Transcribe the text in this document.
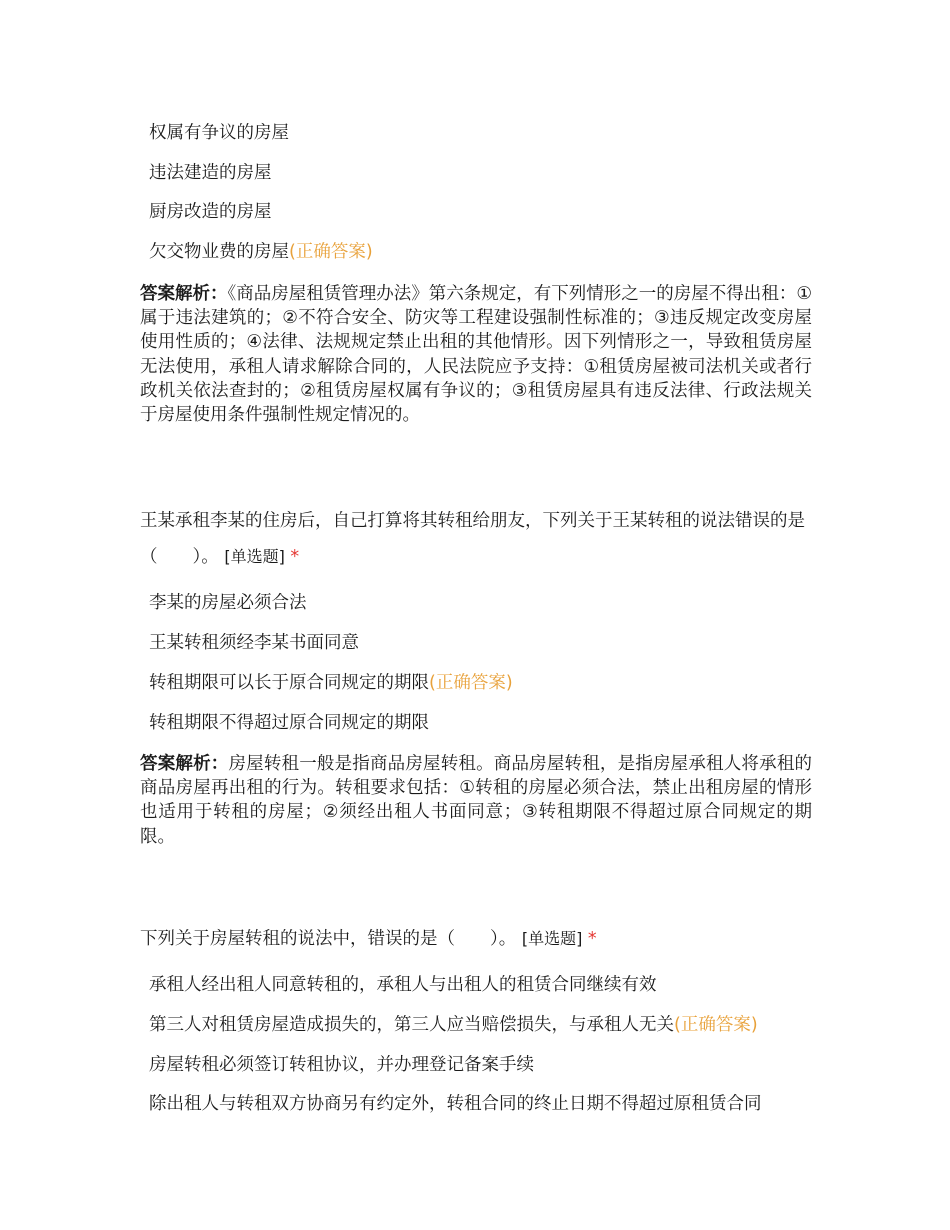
权属有争议的房屋
违法建造的房屋
厨房改造的房屋
欠交物业费的房屋(正确答案)
答案解析：《商品房屋租赁管理办法》第六条规定，有下列情形之一的房屋不得出租：①属于违法建筑的；②不符合安全、防灾等工程建设强制性标准的；③违反规定改变房屋使用性质的；④法律、法规规定禁止出租的其他情形。因下列情形之一，导致租赁房屋无法使用，承租人请求解除合同的，人民法院应予支持：①租赁房屋被司法机关或者行政机关依法查封的；②租赁房屋权属有争议的；③租赁房屋具有违反法律、行政法规关于房屋使用条件强制性规定情况的。
王某承租李某的住房后，自己打算将其转租给朋友，下列关于王某转租的说法错误的是（　　）。 [单选题] *
李某的房屋必须合法
王某转租须经李某书面同意
转租期限可以长于原合同规定的期限(正确答案)
转租期限不得超过原合同规定的期限
答案解析：房屋转租一般是指商品房屋转租。商品房屋转租，是指房屋承租人将承租的商品房屋再出租的行为。转租要求包括：①转租的房屋必须合法，禁止出租房屋的情形也适用于转租的房屋；②须经出租人书面同意；③转租期限不得超过原合同规定的期限。
下列关于房屋转租的说法中，错误的是（　　）。 [单选题] *
承租人经出租人同意转租的，承租人与出租人的租赁合同继续有效
第三人对租赁房屋造成损失的，第三人应当赔偿损失，与承租人无关(正确答案)
房屋转租必须签订转租协议，并办理登记备案手续
除出租人与转租双方协商另有约定外，转租合同的终止日期不得超过原租赁合同
